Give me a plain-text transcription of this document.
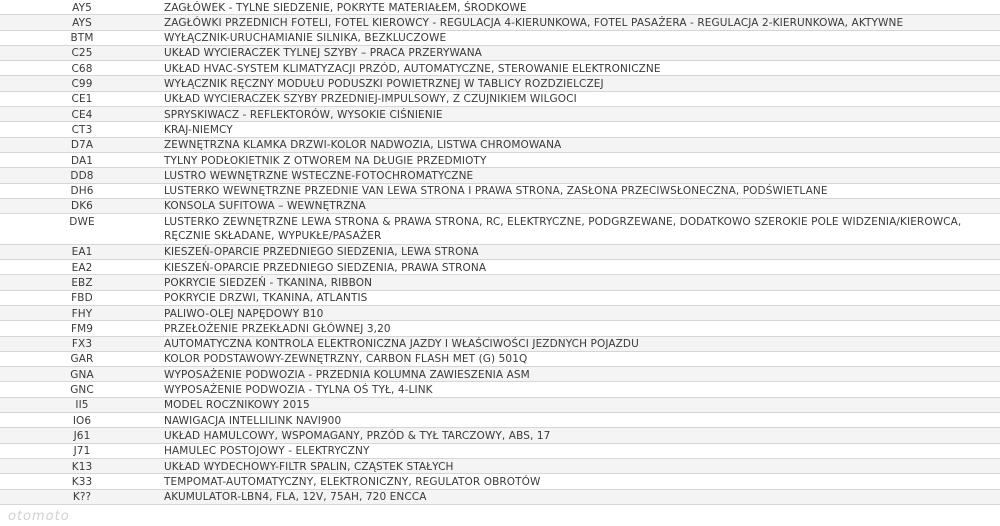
AY5	ZAGŁÓWEK - TYLNE SIEDZENIE, POKRYTE MATERIAŁEM, ŚRODKOWE
AYS	ZAGŁÓWKI PRZEDNICH FOTELI, FOTEL KIEROWCY - REGULACJA 4-KIERUNKOWA, FOTEL PASAŻERA - REGULACJA 2-KIERUNKOWA, AKTYWNE
BTM	WYŁĄCZNIK-URUCHAMIANIE SILNIKA, BEZKLUCZOWE
C25	UKŁAD WYCIERACZEK TYLNEJ SZYBY – PRACA PRZERYWANA
C68	UKŁAD HVAC-SYSTEM KLIMATYZACJI PRZÓD, AUTOMATYCZNE, STEROWANIE ELEKTRONICZNE
C99	WYŁĄCZNIK RĘCZNY MODUŁU PODUSZKI POWIETRZNEJ W TABLICY ROZDZIELCZEJ
CE1	UKŁAD WYCIERACZEK SZYBY PRZEDNIEJ-IMPULSOWY, Z CZUJNIKIEM WILGOCI
CE4	SPRYSKIWACZ - REFLEKTORÓW, WYSOKIE CIŚNIENIE
CT3	KRAJ-NIEMCY
D7A	ZEWNĘTRZNA KLAMKA DRZWI-KOLOR NADWOZIA, LISTWA CHROMOWANA
DA1	TYLNY PODŁOKIETNIK Z OTWOREM NA DŁUGIE PRZEDMIOTY
DD8	LUSTRO WEWNĘTRZNE WSTECZNE-FOTOCHROMATYCZNE
DH6	LUSTERKO WEWNĘTRZNE PRZEDNIE VAN LEWA STRONA I PRAWA STRONA, ZASŁONA PRZECIWSŁONECZNA, PODŚWIETLANE
DK6	KONSOLA SUFITOWA – WEWNĘTRZNA
DWE	LUSTERKO ZEWNĘTRZNE LEWA STRONA & PRAWA STRONA, RC, ELEKTRYCZNE, PODGRZEWANE, DODATKOWO SZEROKIE POLE WIDZENIA/KIEROWCA, RĘCZNIE SKŁADANE, WYPUKŁE/PASAŻER
EA1	KIESZEŃ-OPARCIE PRZEDNIEGO SIEDZENIA, LEWA STRONA
EA2	KIESZEŃ-OPARCIE PRZEDNIEGO SIEDZENIA, PRAWA STRONA
EBZ	POKRYCIE SIEDZEŃ - TKANINA, RIBBON
FBD	POKRYCIE DRZWI, TKANINA, ATLANTIS
FHY	PALIWO-OLEJ NAPĘDOWY B10
FM9	PRZEŁOŻENIE PRZEKŁADNI GŁÓWNEJ 3,20
FX3	AUTOMATYCZNA KONTROLA ELEKTRONICZNA JAZDY I WŁAŚCIWOŚCI JEZDNYCH POJAZDU
GAR	KOLOR PODSTAWOWY-ZEWNĘTRZNY, CARBON FLASH MET (G) 501Q
GNA	WYPOSAŻENIE PODWOZIA - PRZEDNIA KOLUMNA ZAWIESZENIA ASM
GNC	WYPOSAŻENIE PODWOZIA - TYLNA OŚ TYŁ, 4-LINK
II5	MODEL ROCZNIKOWY 2015
IO6	NAWIGACJA INTELLILINK NAVI900
J61	UKŁAD HAMULCOWY, WSPOMAGANY, PRZÓD & TYŁ TARCZOWY, ABS, 17
J71	HAMULEC POSTOJOWY - ELEKTRYCZNY
K13	UKŁAD WYDECHOWY-FILTR SPALIN, CZĄSTEK STAŁYCH
K33	TEMPOMAT-AUTOMATYCZNY, ELEKTRONICZNY, REGULATOR OBROTÓW
K??	AKUMULATOR-LBN4, FLA, 12V, 75AH, 720 ENCCA
otomoto
